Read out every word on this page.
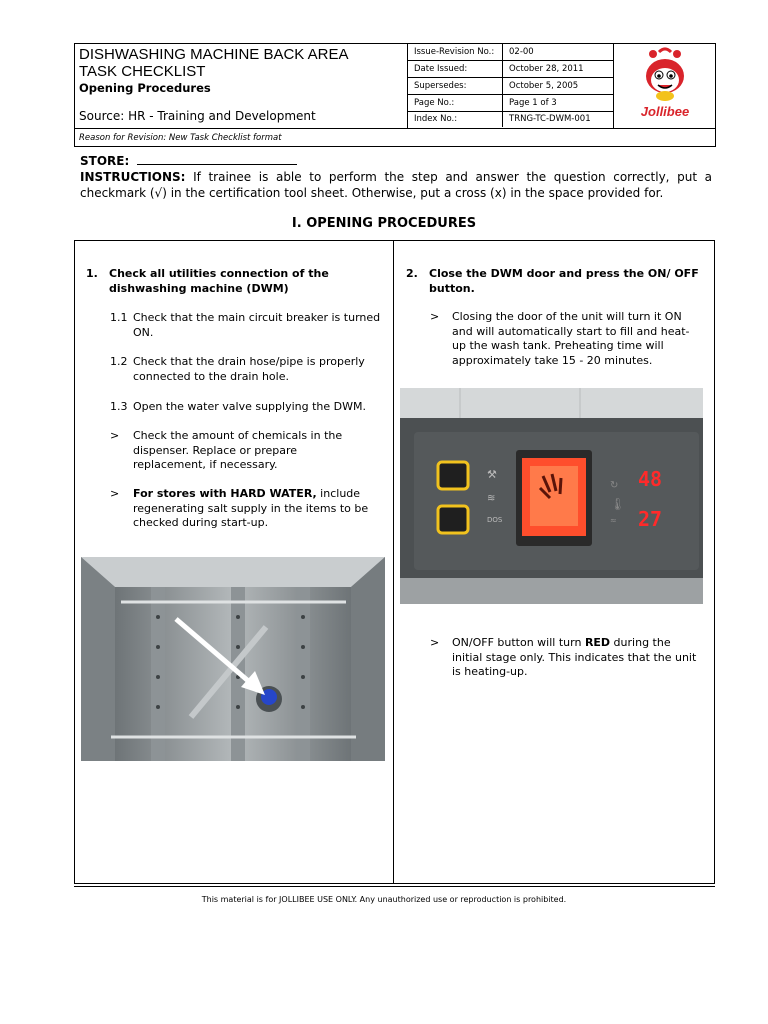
DISHWASHING MACHINE BACK AREA
TASK CHECKLIST
Opening Procedures
Source: HR - Training and Development
Issue-Revision No.: 02-00
Date Issued:	October 28, 2011
Supersedes:	October 5, 2005
Page No.:	Page 1 of 3
Index No.:	TRNG-TC-DWM-001	Jollibee
Reason for Revision: New Task Checklist format
STORE:
INSTRUCTIONS: If trainee is able to perform the step and answer the question correctly, put a checkmark (√) in the certification tool sheet. Otherwise, put a cross (x) in the space provided for.
I. OPENING PROCEDURES
1.	Check all utilities connection of the dishwashing machine (DWM)
1.1 Check that the main circuit breaker is turned ON.
1.2 Check that the drain hose/pipe is properly connected to the drain hole.
1.3 Open the water valve supplying the DWM.
> Check the amount of chemicals in the dispenser. Replace or prepare replacement, if necessary.
> For stores with HARD WATER, include regenerating salt supply in the items to be checked during start-up.
2.	Close the DWM door and press the ON/ OFF button.
> Closing the door of the unit will turn it ON and will automatically start to fill and heat-up the wash tank. Preheating time will approximately take 15 - 20 minutes.
⚒
≋
DOS
↻
🌡
≈
48
27
> ON/OFF button will turn RED during the initial stage only. This indicates that the unit is heating-up.
This material is for JOLLIBEE USE ONLY. Any unauthorized use or reproduction is prohibited.
